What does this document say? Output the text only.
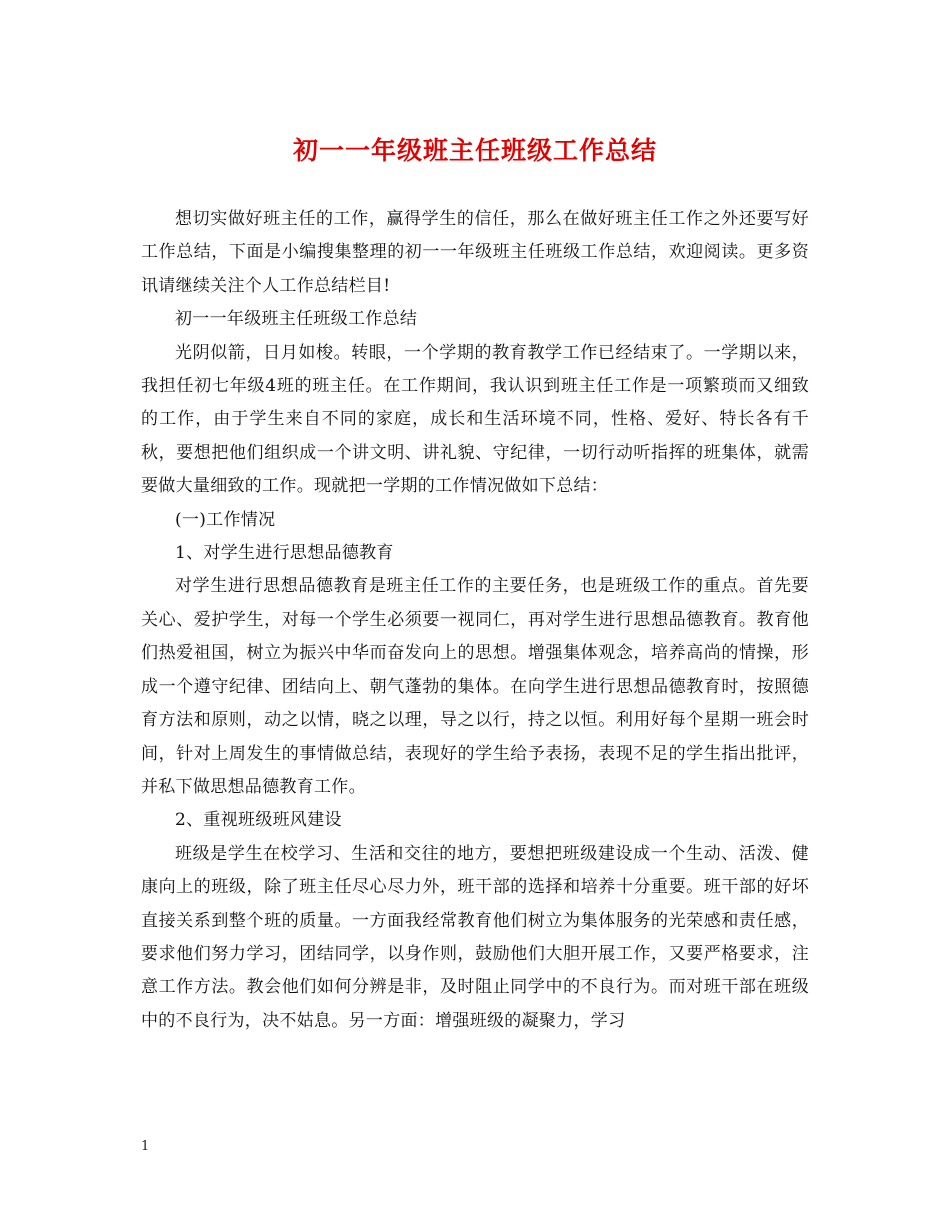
初一一年级班主任班级工作总结

想切实做好班主任的工作，赢得学生的信任，那么在做好班主任工作之外还要写好工作总结，下面是小编搜集整理的初一一年级班主任班级工作总结，欢迎阅读。更多资讯请继续关注个人工作总结栏目!

初一一年级班主任班级工作总结

光阴似箭，日月如梭。转眼，一个学期的教育教学工作已经结束了。一学期以来，我担任初七年级4班的班主任。在工作期间，我认识到班主任工作是一项繁琐而又细致的工作，由于学生来自不同的家庭，成长和生活环境不同，性格、爱好、特长各有千秋，要想把他们组织成一个讲文明、讲礼貌、守纪律，一切行动听指挥的班集体，就需要做大量细致的工作。现就把一学期的工作情况做如下总结：

(一)工作情况

1、对学生进行思想品德教育

对学生进行思想品德教育是班主任工作的主要任务，也是班级工作的重点。首先要关心、爱护学生，对每一个学生必须要一视同仁，再对学生进行思想品德教育。教育他们热爱祖国，树立为振兴中华而奋发向上的思想。增强集体观念，培养高尚的情操，形成一个遵守纪律、团结向上、朝气蓬勃的集体。在向学生进行思想品德教育时，按照德育方法和原则，动之以情，晓之以理，导之以行，持之以恒。利用好每个星期一班会时间，针对上周发生的事情做总结，表现好的学生给予表扬，表现不足的学生指出批评，并私下做思想品德教育工作。

2、重视班级班风建设

班级是学生在校学习、生活和交往的地方，要想把班级建设成一个生动、活泼、健康向上的班级，除了班主任尽心尽力外，班干部的选择和培养十分重要。班干部的好坏直接关系到整个班的质量。一方面我经常教育他们树立为集体服务的光荣感和责任感，要求他们努力学习，团结同学，以身作则，鼓励他们大胆开展工作，又要严格要求，注意工作方法。教会他们如何分辨是非，及时阻止同学中的不良行为。而对班干部在班级中的不良行为，决不姑息。另一方面：增强班级的凝聚力，学习

1
